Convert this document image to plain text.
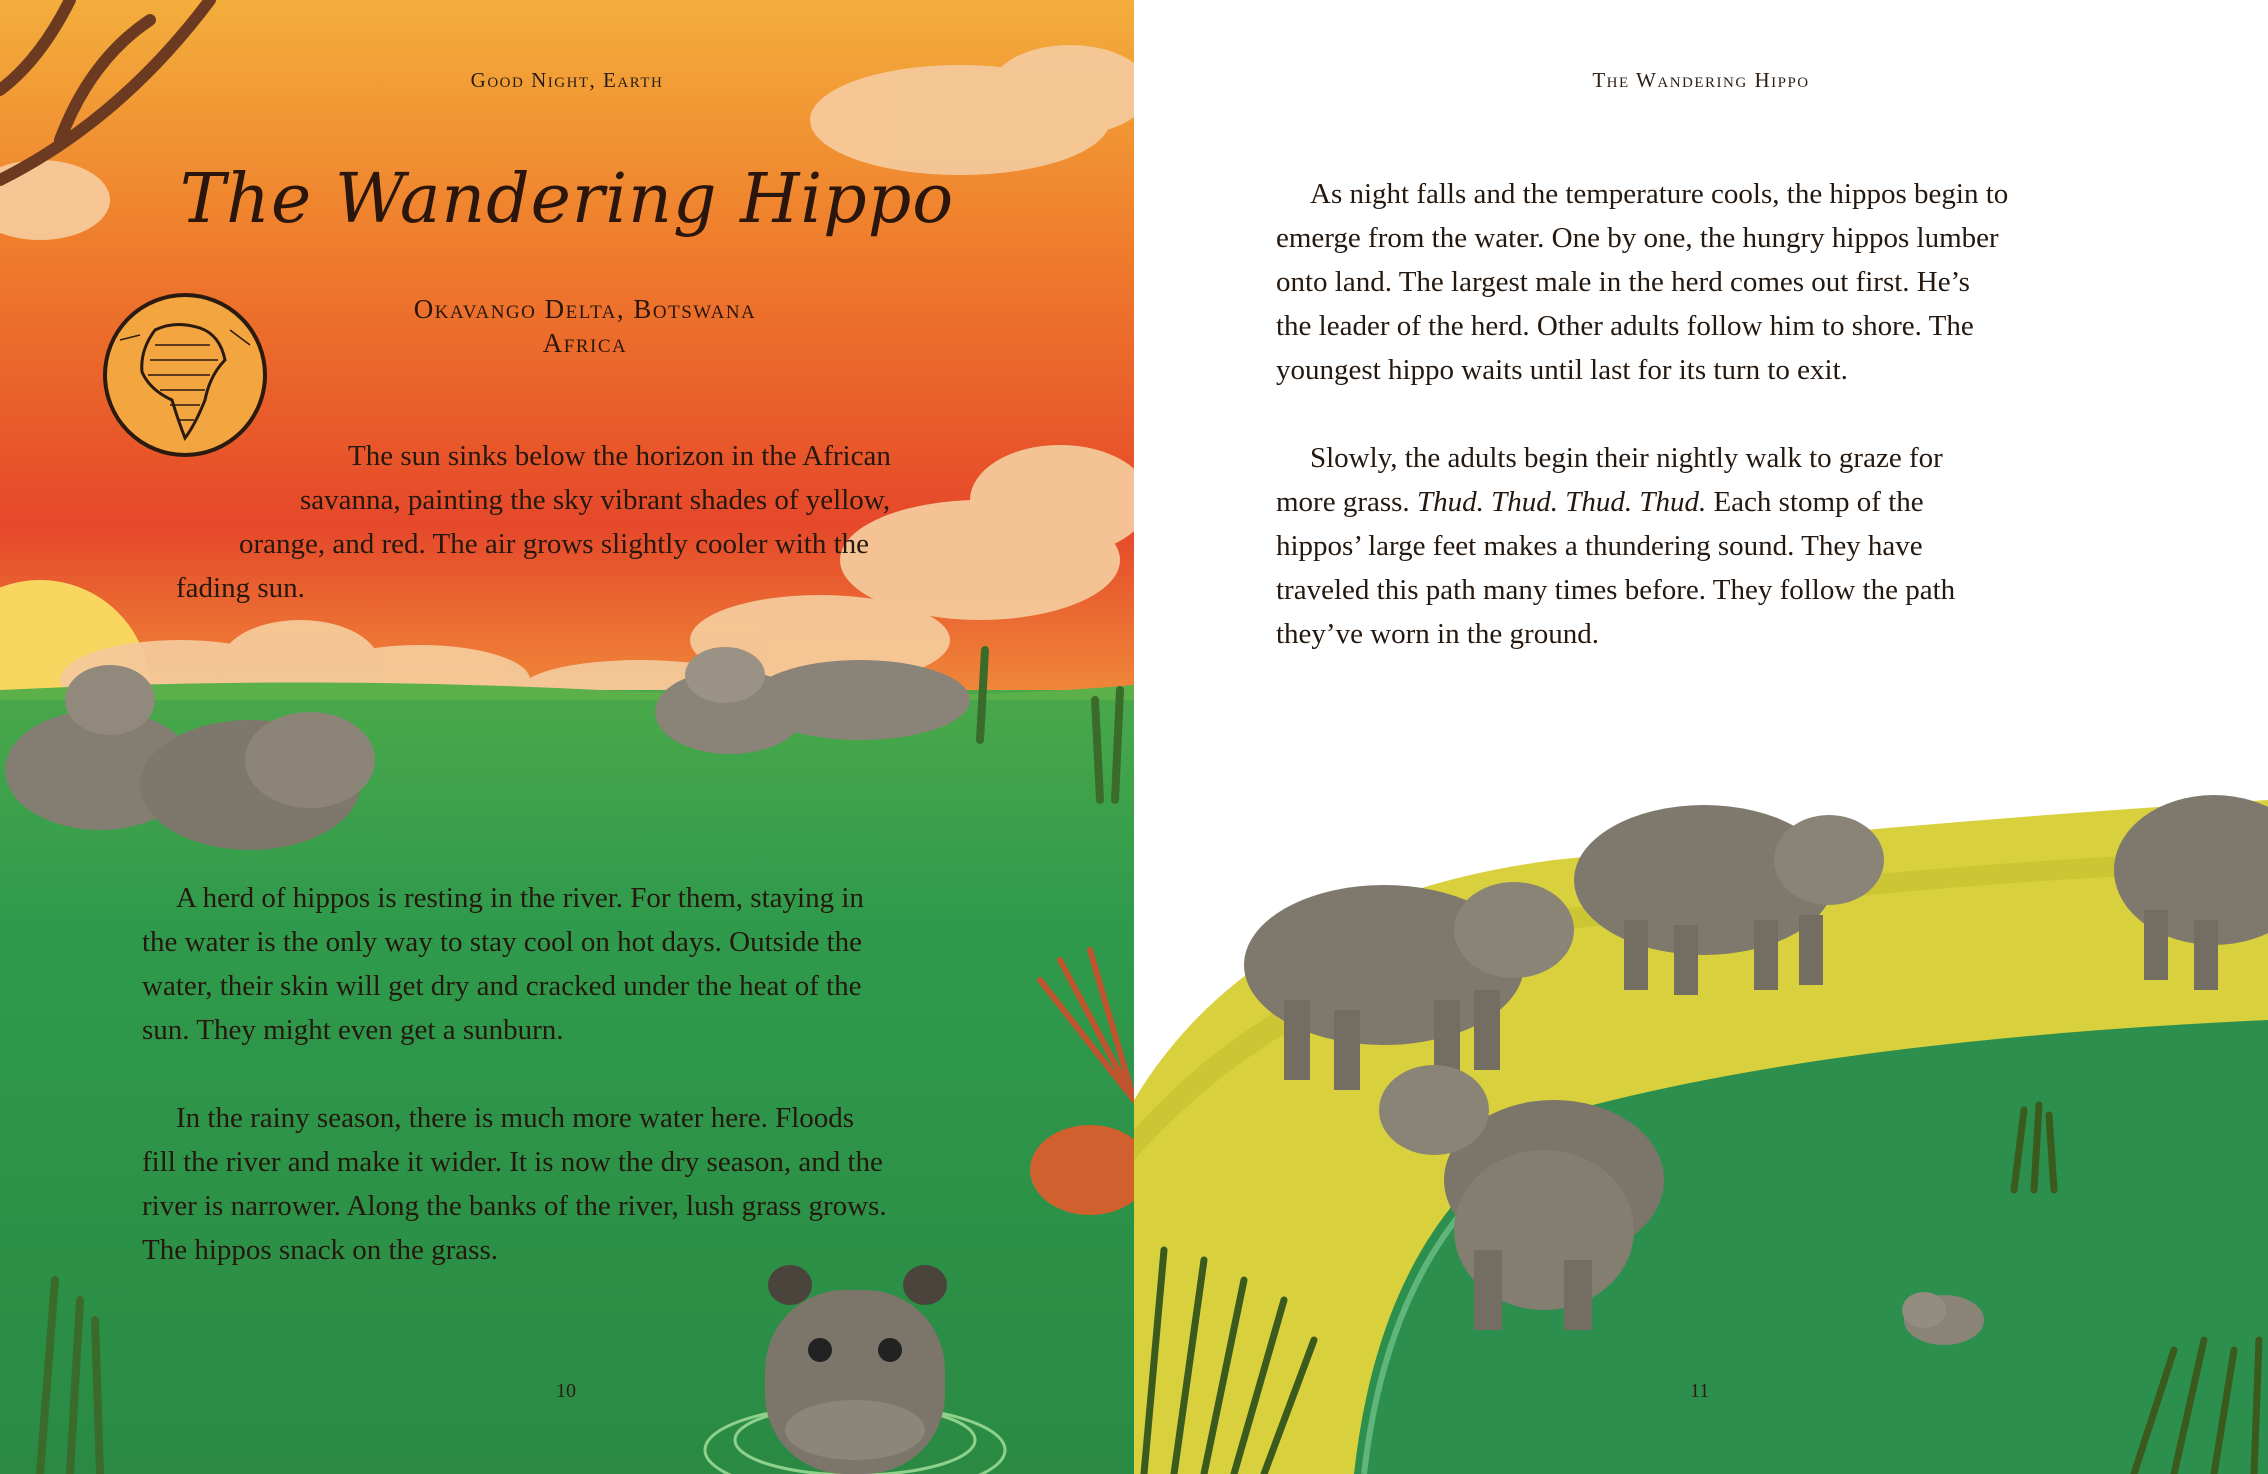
Good Night, Earth
The Wandering Hippo
Okavango Delta, Botswana
Africa
The sun sinks below the horizon in the African
savanna, painting the sky vibrant shades of yellow,
orange, and red. The air grows slightly cooler with the
fading sun.
A herd of hippos is resting in the river. For them, staying in
the water is the only way to stay cool on hot days. Outside the
water, their skin will get dry and cracked under the heat of the
sun. They might even get a sunburn.
In the rainy season, there is much more water here. Floods
fill the river and make it wider. It is now the dry season, and the
river is narrower. Along the banks of the river, lush grass grows.
The hippos snack on the grass.
10
The Wandering Hippo
As night falls and the temperature cools, the hippos begin to
emerge from the water. One by one, the hungry hippos lumber
onto land. The largest male in the herd comes out first. He’s
the leader of the herd. Other adults follow him to shore. The
youngest hippo waits until last for its turn to exit.
Slowly, the adults begin their nightly walk to graze for
more grass. Thud. Thud. Thud. Thud. Each stomp of the
hippos’ large feet makes a thundering sound. They have
traveled this path many times before. They follow the path
they’ve worn in the ground.
11
